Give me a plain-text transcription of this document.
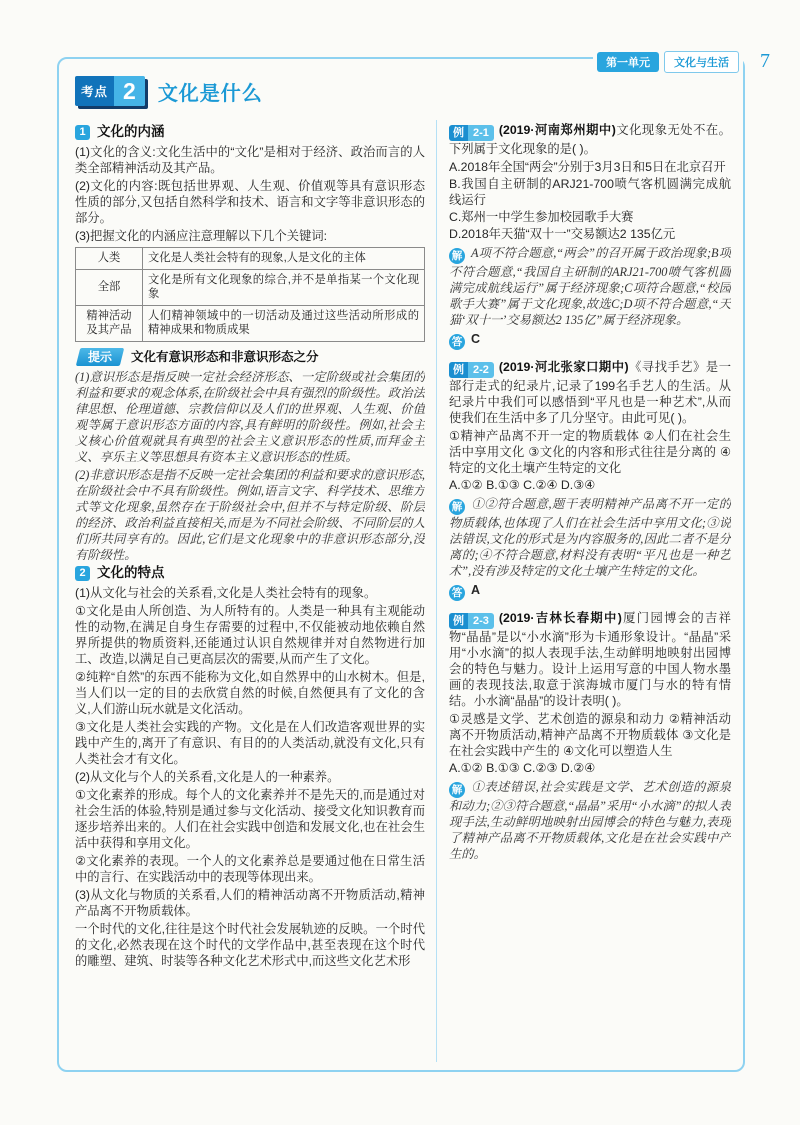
第一单元	文化与生活	7
考点 2	文化是什么
1 文化的内涵

(1)文化的含义:文化生活中的“文化”是相对于经济、政治而言的人类全部精神活动及其产品。

(2)文化的内容:既包括世界观、人生观、价值观等具有意识形态性质的部分,又包括自然科学和技术、语言和文字等非意识形态的部分。

(3)把握文化的内涵应注意理解以下几个关键词:

人类	文化是人类社会特有的现象,人是文化的主体
全部	文化是所有文化现象的综合,并不是单指某一个文化现象
精神活动及其产品	人们精神领域中的一切活动及通过这些活动所形成的精神成果和物质成果
提示 文化有意识形态和非意识形态之分

(1)意识形态是指反映一定社会经济形态、一定阶级或社会集团的利益和要求的观念体系,在阶级社会中具有强烈的阶级性。政治法律思想、伦理道德、宗教信仰以及人们的世界观、人生观、价值观等属于意识形态方面的内容,具有鲜明的阶级性。例如,社会主义核心价值观就具有典型的社会主义意识形态的性质,而拜金主义、享乐主义等思想具有资本主义意识形态的性质。

(2)非意识形态是指不反映一定社会集团的利益和要求的意识形态,在阶级社会中不具有阶级性。例如,语言文字、科学技术、思维方式等文化现象,虽然存在于阶级社会中,但并不与特定阶级、阶层的经济、政治利益直接相关,而是为不同社会阶级、不同阶层的人们所共同享有的。因此,它们是文化现象中的非意识形态部分,没有阶级性。

2 文化的特点

(1)从文化与社会的关系看,文化是人类社会特有的现象。

①文化是由人所创造、为人所特有的。人类是一种具有主观能动性的动物,在满足自身生存需要的过程中,不仅能被动地依赖自然界所提供的物质资料,还能通过认识自然规律并对自然物进行加工、改造,以满足自己更高层次的需要,从而产生了文化。

②纯粹“自然”的东西不能称为文化,如自然界中的山水树木。但是,当人们以一定的目的去欣赏自然的时候,自然便具有了文化的含义,人们游山玩水就是文化活动。

③文化是人类社会实践的产物。文化是在人们改造客观世界的实践中产生的,离开了有意识、有目的的人类活动,就没有文化,只有人类社会才有文化。

(2)从文化与个人的关系看,文化是人的一种素养。

①文化素养的形成。每个人的文化素养并不是先天的,而是通过对社会生活的体验,特别是通过参与文化活动、接受文化知识教育而逐步培养出来的。人们在社会实践中创造和发展文化,也在社会生活中获得和享用文化。

②文化素养的表现。一个人的文化素养总是要通过他在日常生活中的言行、在实践活动中的表现等体现出来。

(3)从文化与物质的关系看,人们的精神活动离不开物质活动,精神产品离不开物质载体。

一个时代的文化,往往是这个时代社会发展轨迹的反映。一个时代的文化,必然表现在这个时代的文学作品中,甚至表现在这个时代的雕塑、建筑、时装等各种文化艺术形式中,而这些文化艺术形

例 2-1 (2019·河南郑州期中)文化现象无处不在。下列属于文化现象的是( )。

A.2018年全国“两会”分别于3月3日和5日在北京召开

B.我国自主研制的ARJ21-700喷气客机圆满完成航线运行

C.郑州一中学生参加校园歌手大赛

D.2018年天猫“双十一”交易额达2 135亿元

解 A项不符合题意,“两会”的召开属于政治现象;B项不符合题意,“我国自主研制的ARJ21-700喷气客机圆满完成航线运行”属于经济现象;C项符合题意,“校园歌手大赛”属于文化现象,故选C;D项不符合题意,“天猫‘双十一’交易额达2 135亿”属于经济现象。

答 C

例 2-2 (2019·河北张家口期中)《寻找手艺》是一部行走式的纪录片,记录了199名手艺人的生活。从纪录片中我们可以感悟到“平凡也是一种艺术”,从而使我们在生活中多了几分坚守。由此可见( )。

①精神产品离不开一定的物质载体 ②人们在社会生活中享用文化 ③文化的内容和形式往往是分离的 ④特定的文化土壤产生特定的文化

A.①② B.①③ C.②④ D.③④

解 ①②符合题意,题干表明精神产品离不开一定的物质载体,也体现了人们在社会生活中享用文化;③说法错误,文化的形式是为内容服务的,因此二者不是分离的;④不符合题意,材料没有表明“平凡也是一种艺术”,没有涉及特定的文化土壤产生特定的文化。

答 A

例 2-3 (2019·吉林长春期中)厦门园博会的吉祥物“晶晶”是以“小水滴”形为卡通形象设计。“晶晶”采用“小水滴”的拟人表现手法,生动鲜明地映射出园博会的特色与魅力。设计上运用写意的中国人物水墨画的表现技法,取意于滨海城市厦门与水的特有情结。小水滴“晶晶”的设计表明( )。

①灵感是文学、艺术创造的源泉和动力 ②精神活动离不开物质活动,精神产品离不开物质载体 ③文化是在社会实践中产生的 ④文化可以塑造人生

A.①② B.①③ C.②③ D.②④

解 ①表述错误,社会实践是文学、艺术创造的源泉和动力;②③符合题意,“晶晶”采用“小水滴”的拟人表现手法,生动鲜明地映射出园博会的特色与魅力,表现了精神产品离不开物质载体,文化是在社会实践中产生的。
